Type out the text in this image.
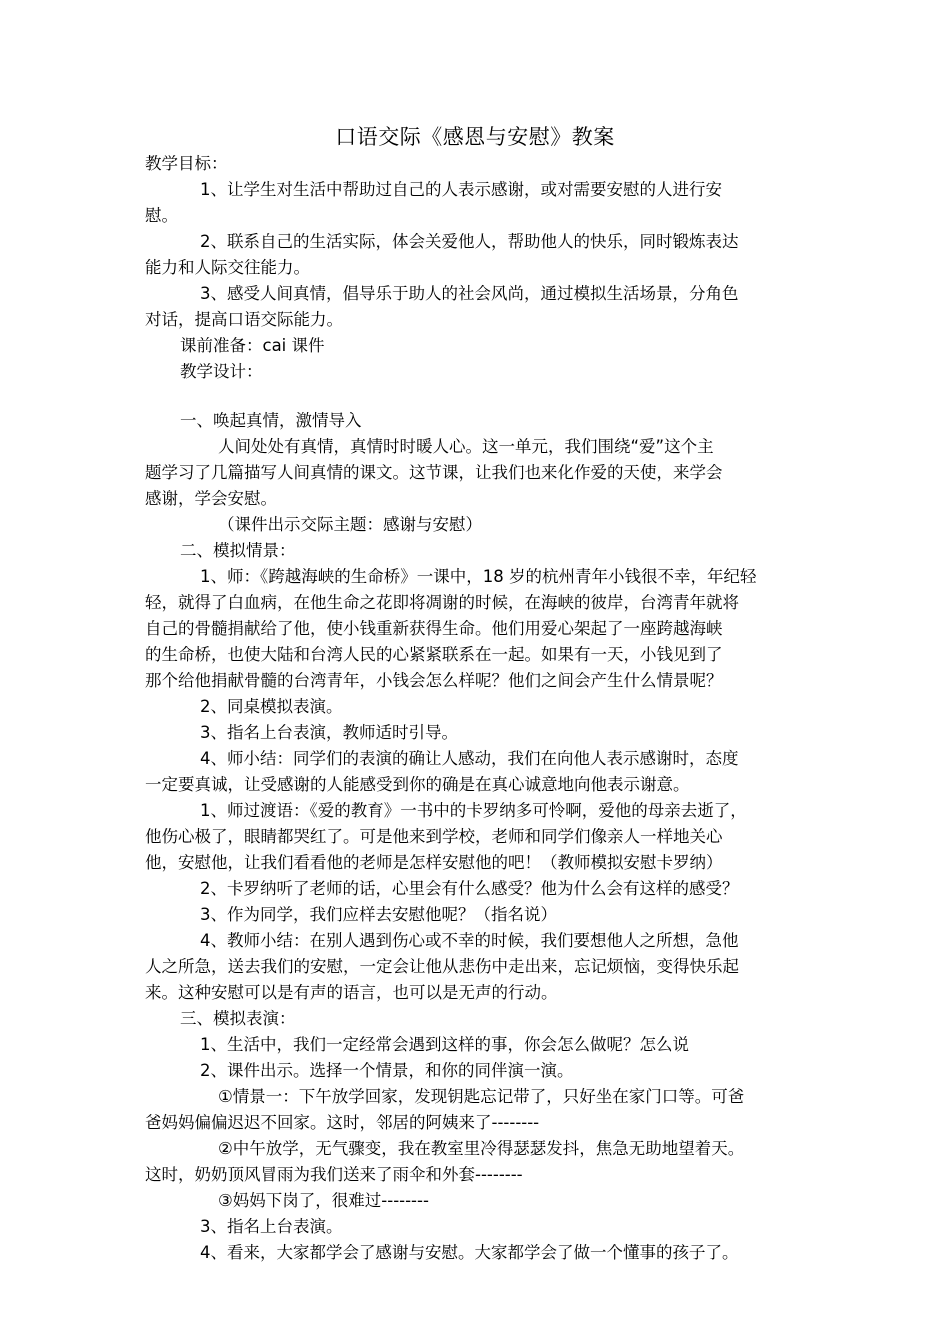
口语交际《感恩与安慰》教案
教学目标：
1、让学生对生活中帮助过自己的人表示感谢，或对需要安慰的人进行安
慰。
2、联系自己的生活实际，体会关爱他人，帮助他人的快乐，同时锻炼表达
能力和人际交往能力。
3、感受人间真情，倡导乐于助人的社会风尚，通过模拟生活场景，分角色
对话，提高口语交际能力。
课前准备：cai 课件
教学设计：
一、唤起真情，激情导入
人间处处有真情，真情时时暖人心。这一单元，我们围绕“爱”这个主
题学习了几篇描写人间真情的课文。这节课，让我们也来化作爱的天使，来学会
感谢，学会安慰。
（课件出示交际主题：感谢与安慰）
二、模拟情景：
1、师：《跨越海峡的生命桥》一课中，18 岁的杭州青年小钱很不幸，年纪轻
轻，就得了白血病，在他生命之花即将凋谢的时候，在海峡的彼岸，台湾青年就将
自己的骨髓捐献给了他，使小钱重新获得生命。他们用爱心架起了一座跨越海峡
的生命桥，也使大陆和台湾人民的心紧紧联系在一起。如果有一天，小钱见到了
那个给他捐献骨髓的台湾青年，小钱会怎么样呢？他们之间会产生什么情景呢？
2、同桌模拟表演。
3、指名上台表演，教师适时引导。
4、师小结：同学们的表演的确让人感动，我们在向他人表示感谢时，态度
一定要真诚，让受感谢的人能感受到你的确是在真心诚意地向他表示谢意。
1、师过渡语：《爱的教育》一书中的卡罗纳多可怜啊，爱他的母亲去逝了，
他伤心极了，眼睛都哭红了。可是他来到学校，老师和同学们像亲人一样地关心
他，安慰他，让我们看看他的老师是怎样安慰他的吧！（教师模拟安慰卡罗纳）
2、卡罗纳听了老师的话，心里会有什么感受？他为什么会有这样的感受？
3、作为同学，我们应样去安慰他呢？（指名说）
4、教师小结：在别人遇到伤心或不幸的时候，我们要想他人之所想，急他
人之所急，送去我们的安慰，一定会让他从悲伤中走出来，忘记烦恼，变得快乐起
来。这种安慰可以是有声的语言，也可以是无声的行动。
三、模拟表演：
1、生活中，我们一定经常会遇到这样的事，你会怎么做呢？怎么说
2、课件出示。选择一个情景，和你的同伴演一演。
①情景一：下午放学回家，发现钥匙忘记带了，只好坐在家门口等。可爸
爸妈妈偏偏迟迟不回家。这时，邻居的阿姨来了--------
②中午放学，无气骤变，我在教室里冷得瑟瑟发抖，焦急无助地望着天。
这时，奶奶顶风冒雨为我们送来了雨伞和外套--------
③妈妈下岗了，很难过--------
3、指名上台表演。
4、看来，大家都学会了感谢与安慰。大家都学会了做一个懂事的孩子了。
